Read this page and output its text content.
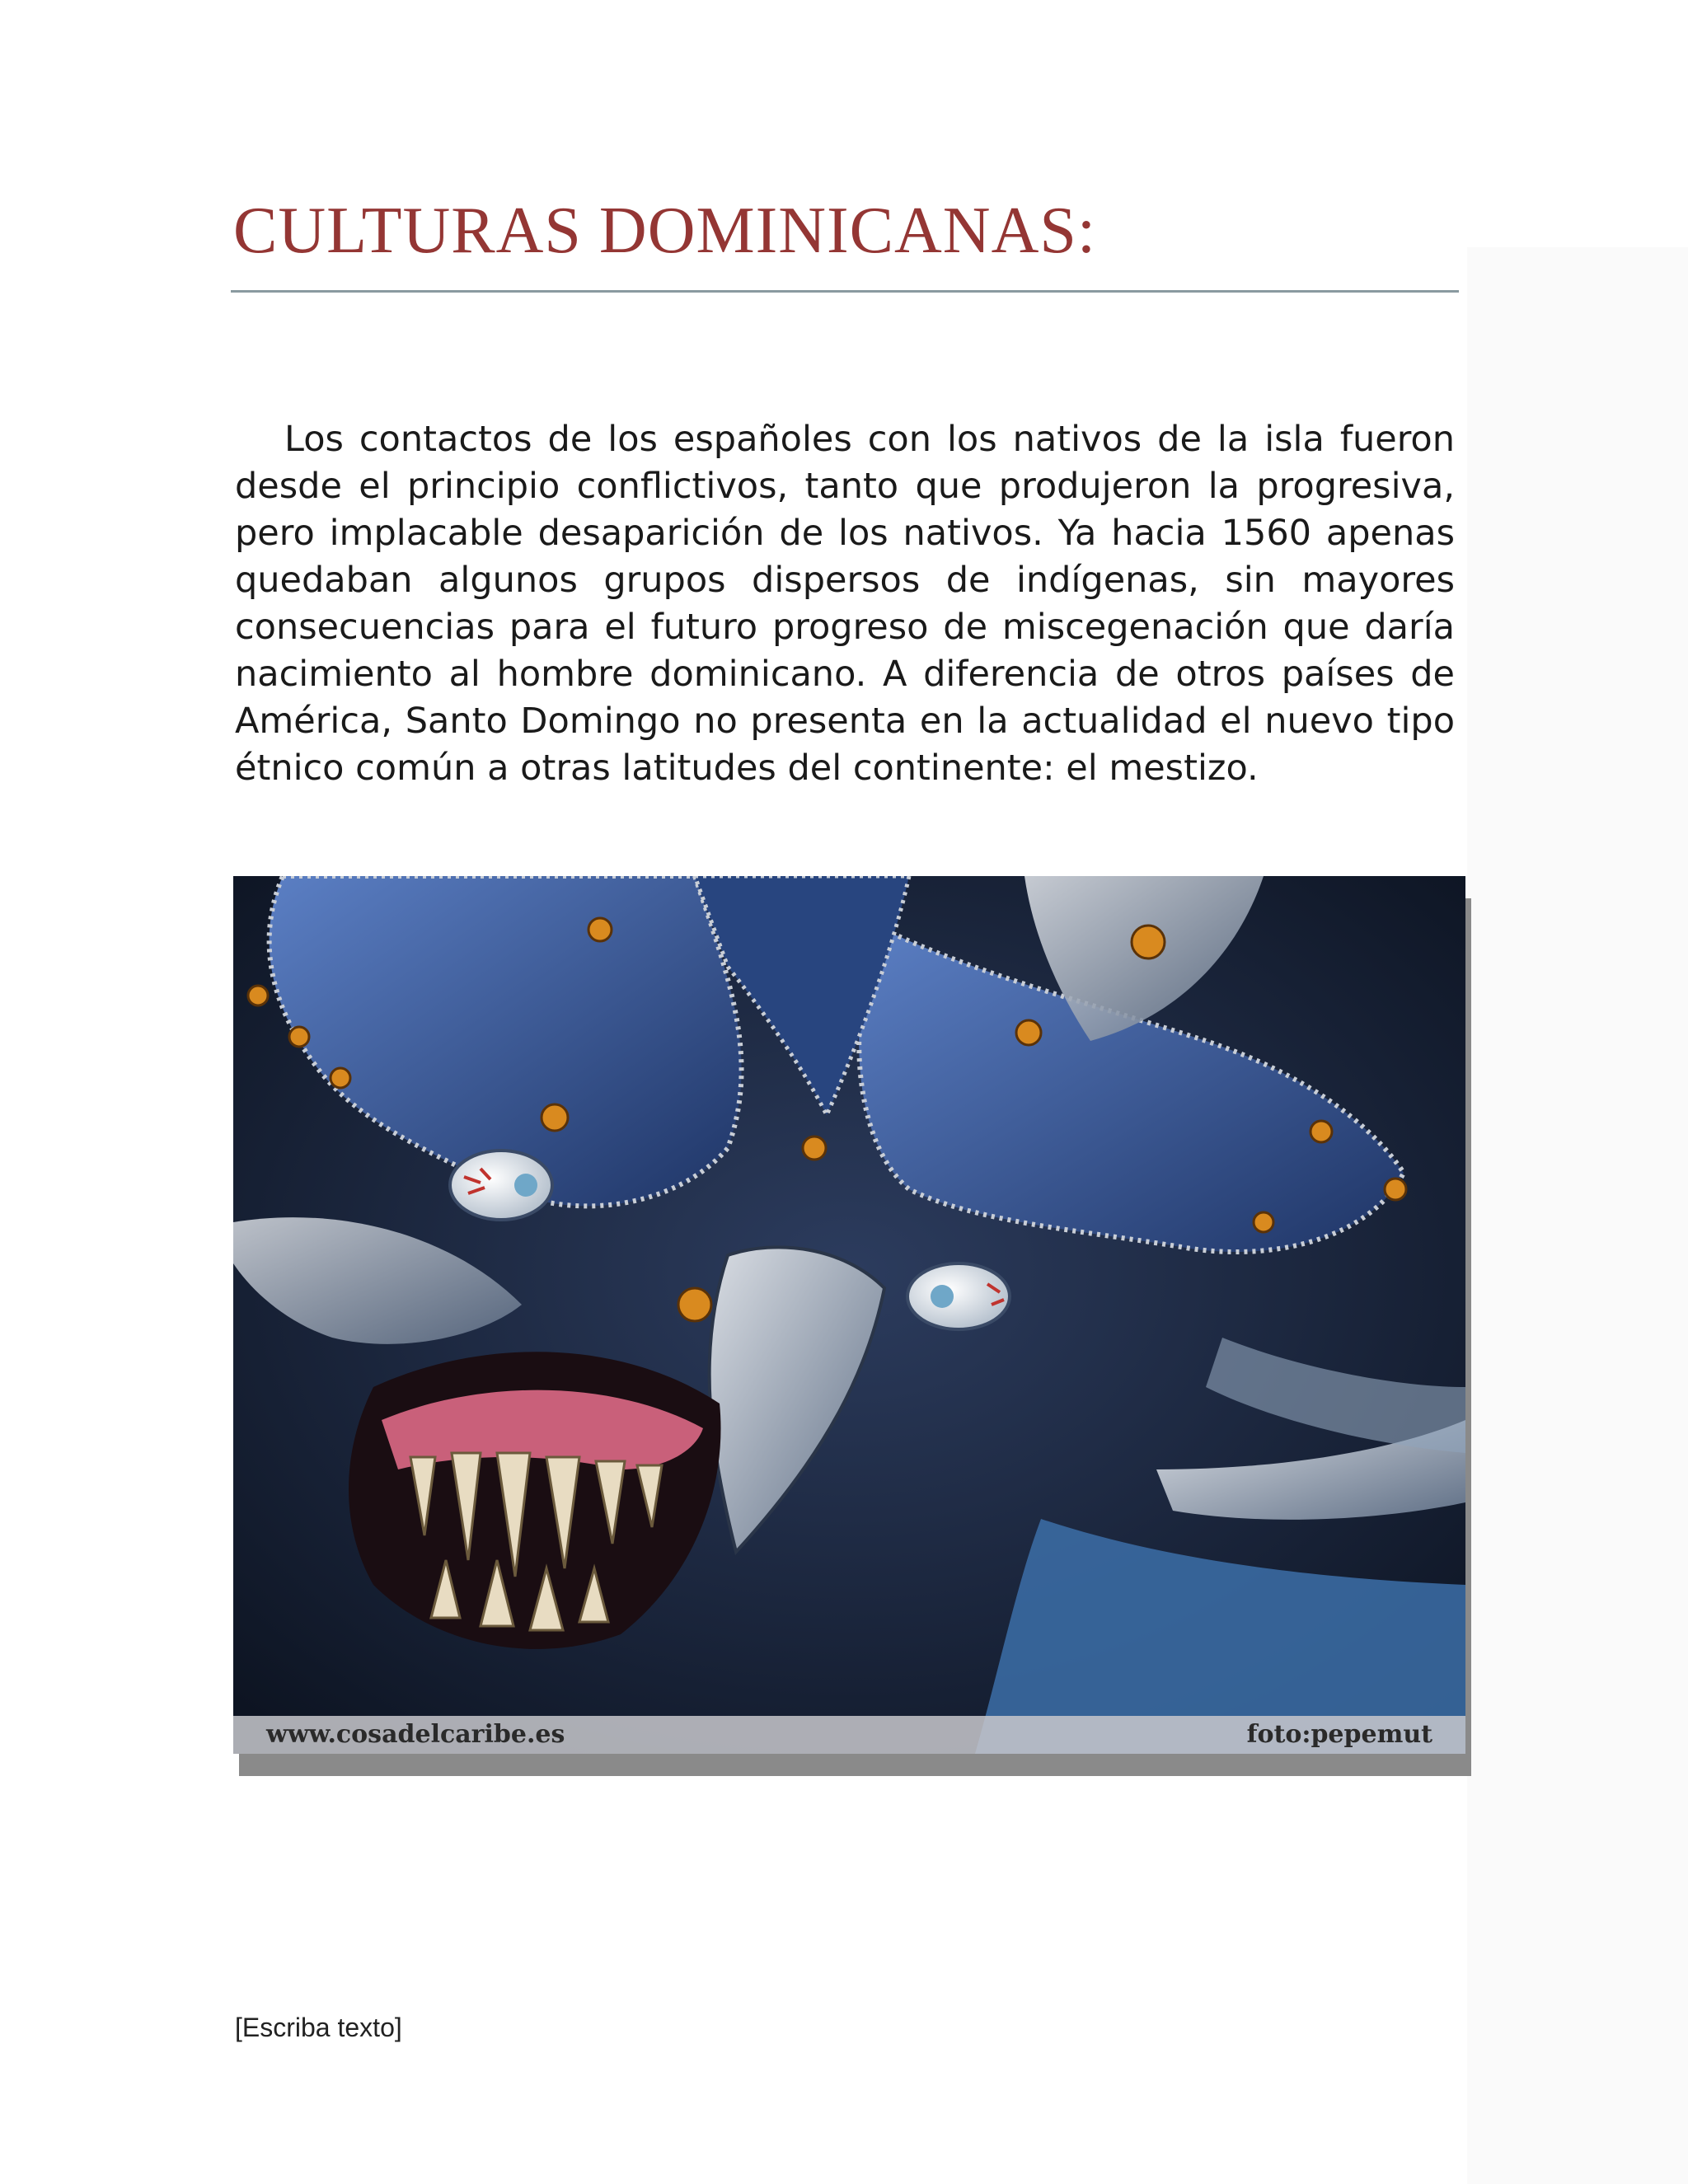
CULTURAS DOMINICANAS:

Los contactos de los españoles con los nativos de la isla fueron desde el principio conflictivos, tanto que produjeron la progresiva, pero implacable desaparición de los nativos. Ya hacia 1560 apenas quedaban algunos grupos dispersos de indígenas, sin mayores consecuencias para el futuro progreso de miscegenación que daría nacimiento al hombre dominicano. A diferencia de otros países de América, Santo Domingo no presenta en la actualidad el nuevo tipo étnico común a otras latitudes del continente: el mestizo.

www.cosadelcaribe.es	foto:pepemut
[Escriba texto]
